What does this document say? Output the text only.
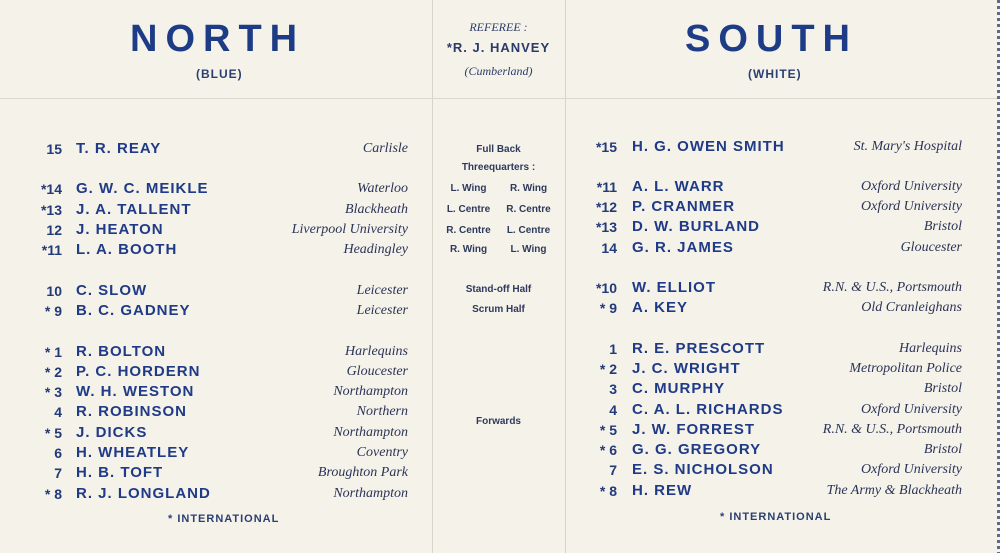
NORTH
(BLUE)
REFEREE :
*R. J. HANVEY
(Cumberland)
SOUTH
(WHITE)
15 T. R. REAY	Carlisle
*14 G. W. C. MEIKLE	Waterloo
*13 J. A. TALLENT	Blackheath
12 J. HEATON	Liverpool University
*11 L. A. BOOTH	Headingley
10 C. SLOW	Leicester
* 9 B. C. GADNEY	Leicester
* 1 R. BOLTON	Harlequins
* 2 P. C. HORDERN	Gloucester
* 3 W. H. WESTON	Northampton
4 R. ROBINSON	Northern
* 5 J. DICKS	Northampton
6 H. WHEATLEY	Coventry
7 H. B. TOFT	Broughton Park
* 8 R. J. LONGLAND	Northampton
*15 H. G. OWEN SMITH	St. Mary's Hospital
*11 A. L. WARR	Oxford University
*12 P. CRANMER	Oxford University
*13 D. W. BURLAND	Bristol
14 G. R. JAMES	Gloucester
*10 W. ELLIOT	R.N. & U.S., Portsmouth
* 9 A. KEY	Old Cranleighans
1 R. E. PRESCOTT	Harlequins
* 2 J. C. WRIGHT	Metropolitan Police
3 C. MURPHY	Bristol
4 C. A. L. RICHARDS	Oxford University
* 5 J. W. FORREST	R.N. & U.S., Portsmouth
* 6 G. G. GREGORY	Bristol
7 E. S. NICHOLSON	Oxford University
* 8 H. REW	The Army & Blackheath
Full Back
Threequarters :
L. Wing R. Wing
L. Centre R. Centre
R. Centre L. Centre
R. Wing L. Wing
Stand-off Half
Scrum Half
Forwards
* INTERNATIONAL	* INTERNATIONAL
